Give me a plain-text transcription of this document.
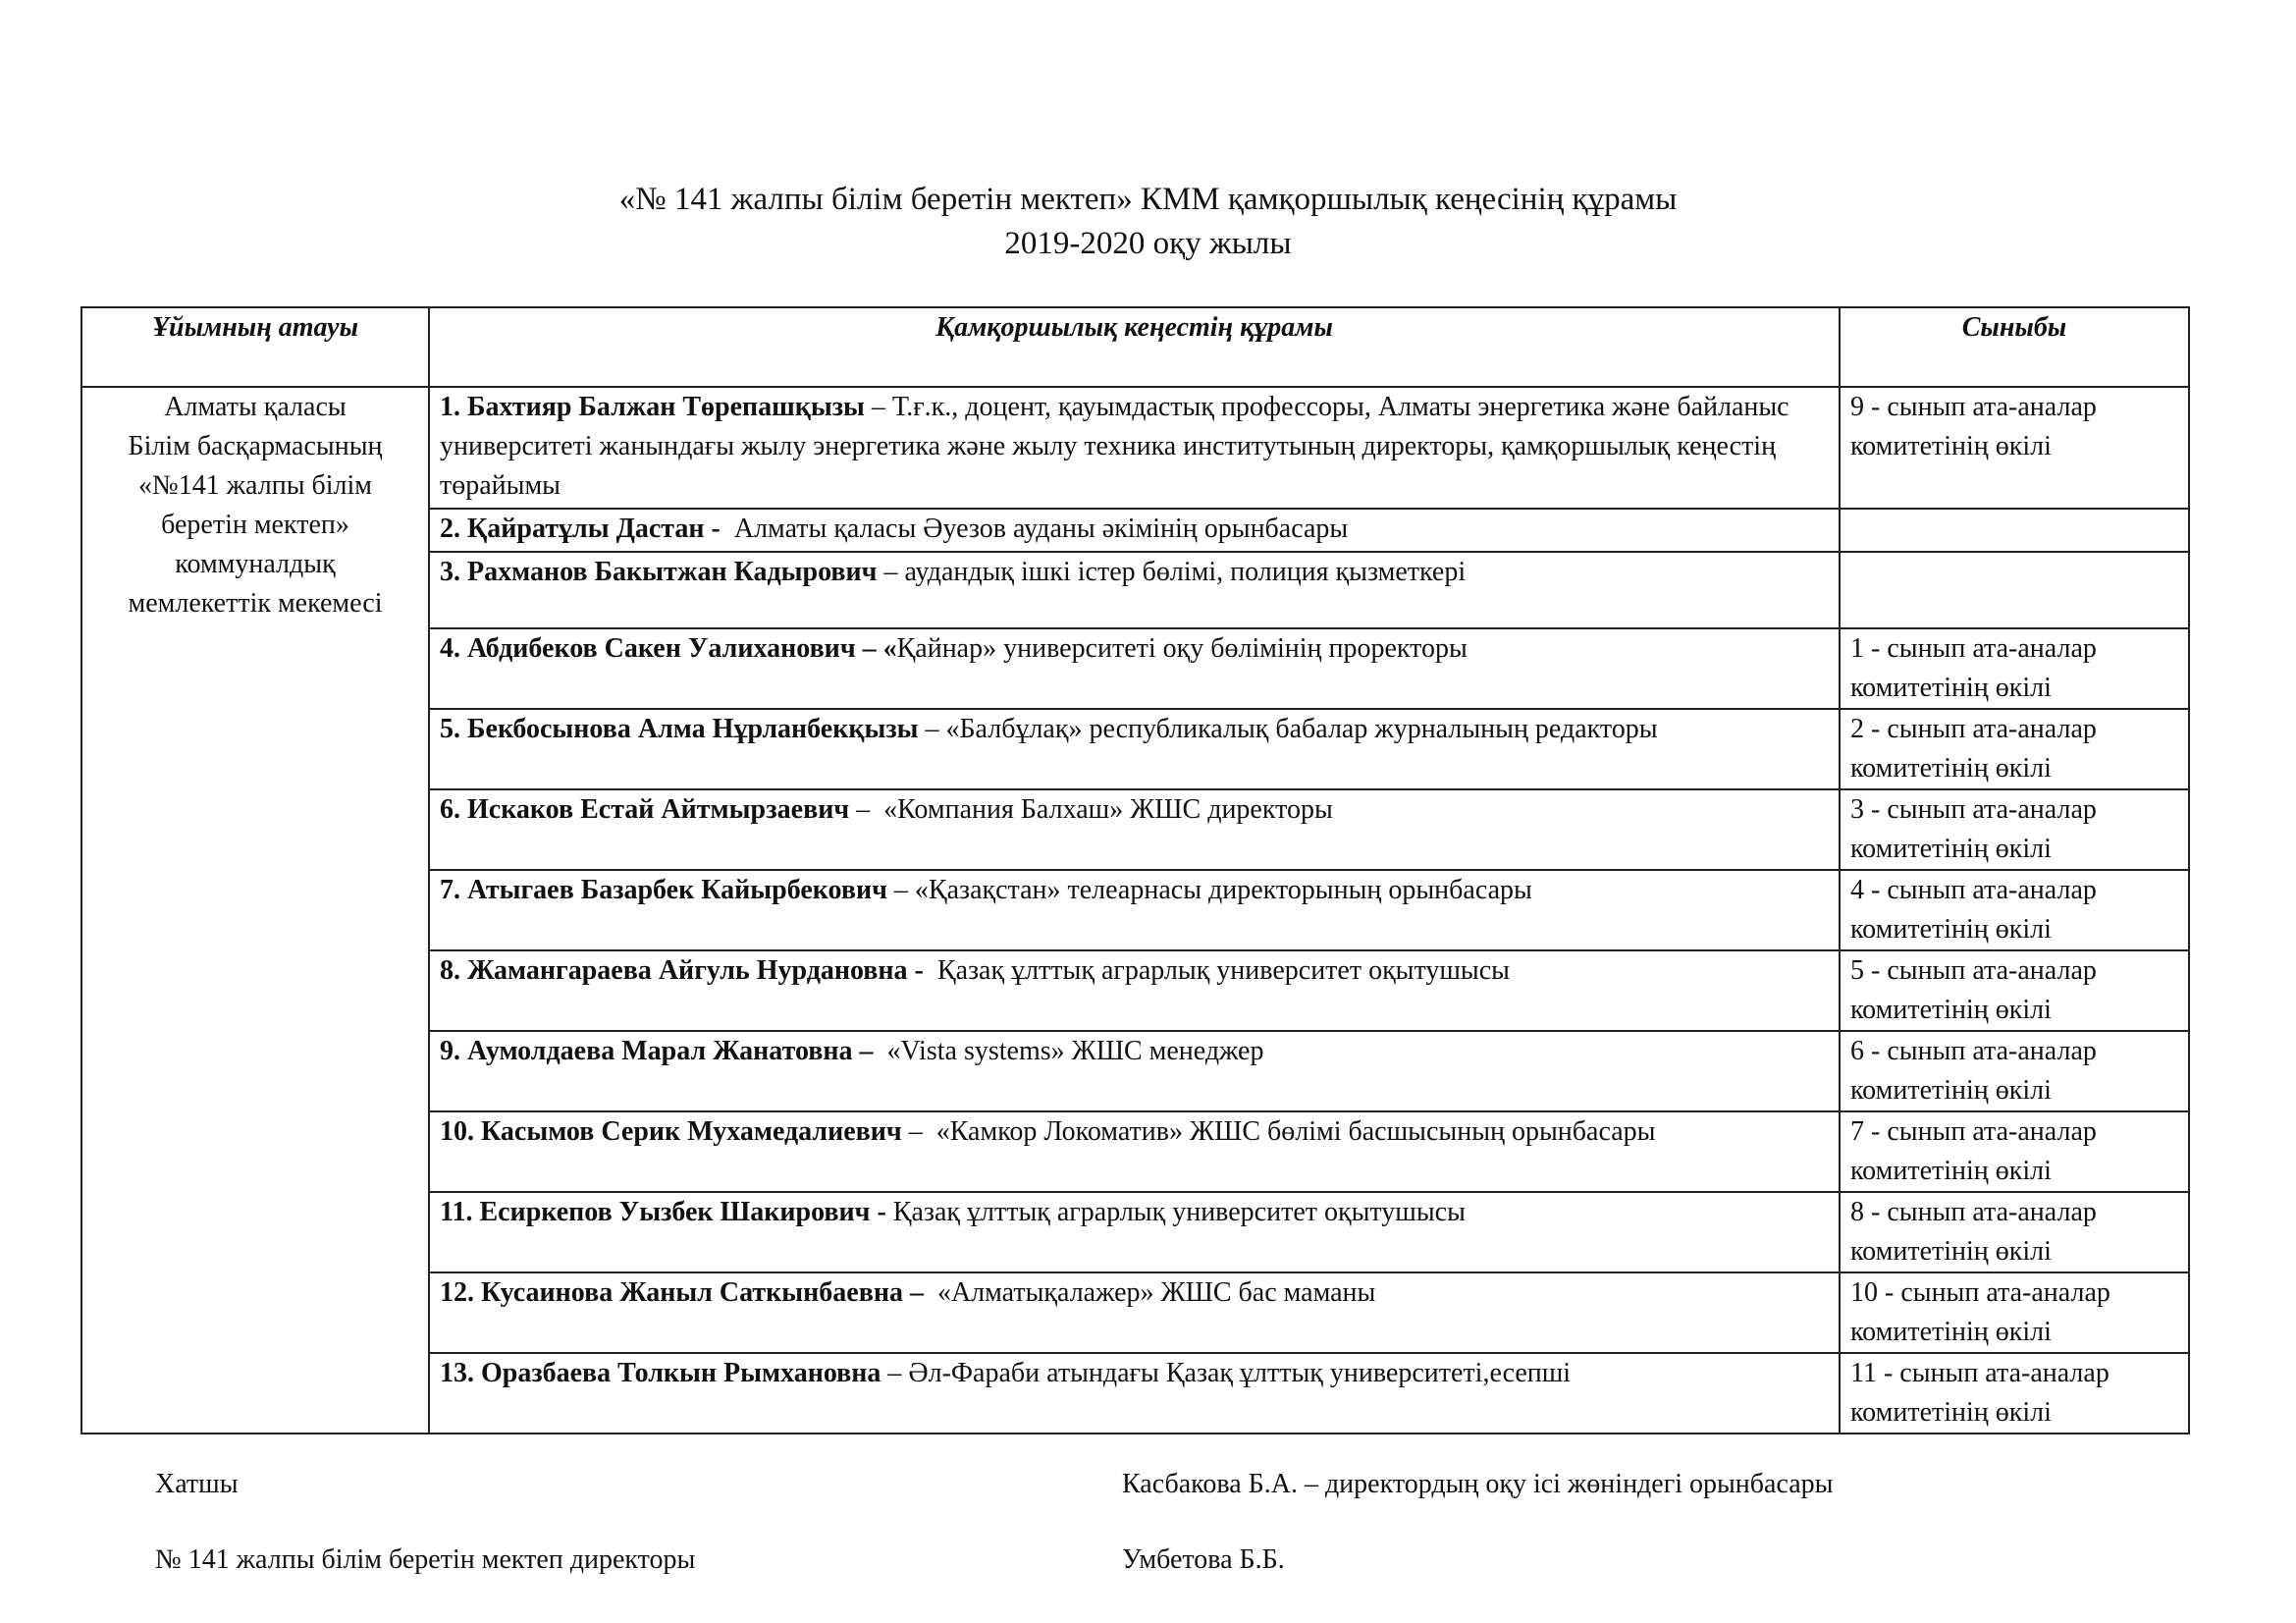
«№ 141 жалпы білім беретін мектеп» КММ қамқоршылық кеңесінің құрамы
2019-2020 оқу жылы
Ұйымның атауы	Қамқоршылық кеңестің құрамы	Сыныбы

Алматы қаласы
Білім басқармасының
«№141 жалпы білім
беретін мектеп»
коммуналдық
мемлекеттік мекемесі
	1. Бахтияр Балжан Төрепашқызы – Т.ғ.к., доцент, қауымдастық профессоры, Алматы энергетика және байланыс университеті жанындағы жылу энергетика және жылу техника институтының директоры, қамқоршылық кеңестің төрайымы	
9 - сынып ата-аналар
комитетінің өкілі

	2. Қайратұлы Дастан - Алматы қаласы Әуезов ауданы әкімінің орынбасары	

	3. Рахманов Бакытжан Кадырович – аудандық ішкі істер бөлімі, полиция қызметкері	

	4. Абдибеков Сакен Уалиханович – «Қайнар» университеті оқу бөлімінің проректоры	1 - сынып ата-аналар
комитетінің өкілі

	5. Бекбосынова Алма Нұрланбекқызы – «Балбұлақ» республикалық бабалар журналының редакторы	2 - сынып ата-аналар
комитетінің өкілі

	6. Искаков Естай Айтмырзаевич –  «Компания Балхаш» ЖШС директоры	3 - сынып ата-аналар
комитетінің өкілі

	7. Атыгаев Базарбек Кайырбекович – «Қазақстан» телеарнасы директорының орынбасары	4 - сынып ата-аналар
комитетінің өкілі

	8. Жамангараева Айгуль Нурдановна - Қазақ ұлттық аграрлық университет оқытушысы	5 - сынып ата-аналар
комитетінің өкілі

	9. Аумолдаева Марал Жанатовна – «Vista systems» ЖШС менеджер	6 - сынып ата-аналар
комитетінің өкілі

	10. Касымов Серик Мухамедалиевич –  «Камкор Локоматив» ЖШС бөлімі басшысының орынбасары	7 - сынып ата-аналар
комитетінің өкілі

	11. Есиркепов Уызбек Шакирович - Қазақ ұлттық аграрлық университет оқытушысы	8 - сынып ата-аналар
комитетінің өкілі

	12. Кусаинова Жаныл Саткынбаевна – «Алматықалажер» ЖШС бас маманы	10 - сынып ата-аналар
комитетінің өкілі

	13. Оразбаева Толкын Рымхановна – Әл-Фараби атындағы Қазақ ұлттық университеті,есепші	11 - сынып ата-аналар
комитетінің өкілі
Хатшы	Касбакова Б.А. – директордың оқу ісі жөніндегі орынбасары
№ 141 жалпы білім беретін мектеп директоры	Умбетова Б.Б.
